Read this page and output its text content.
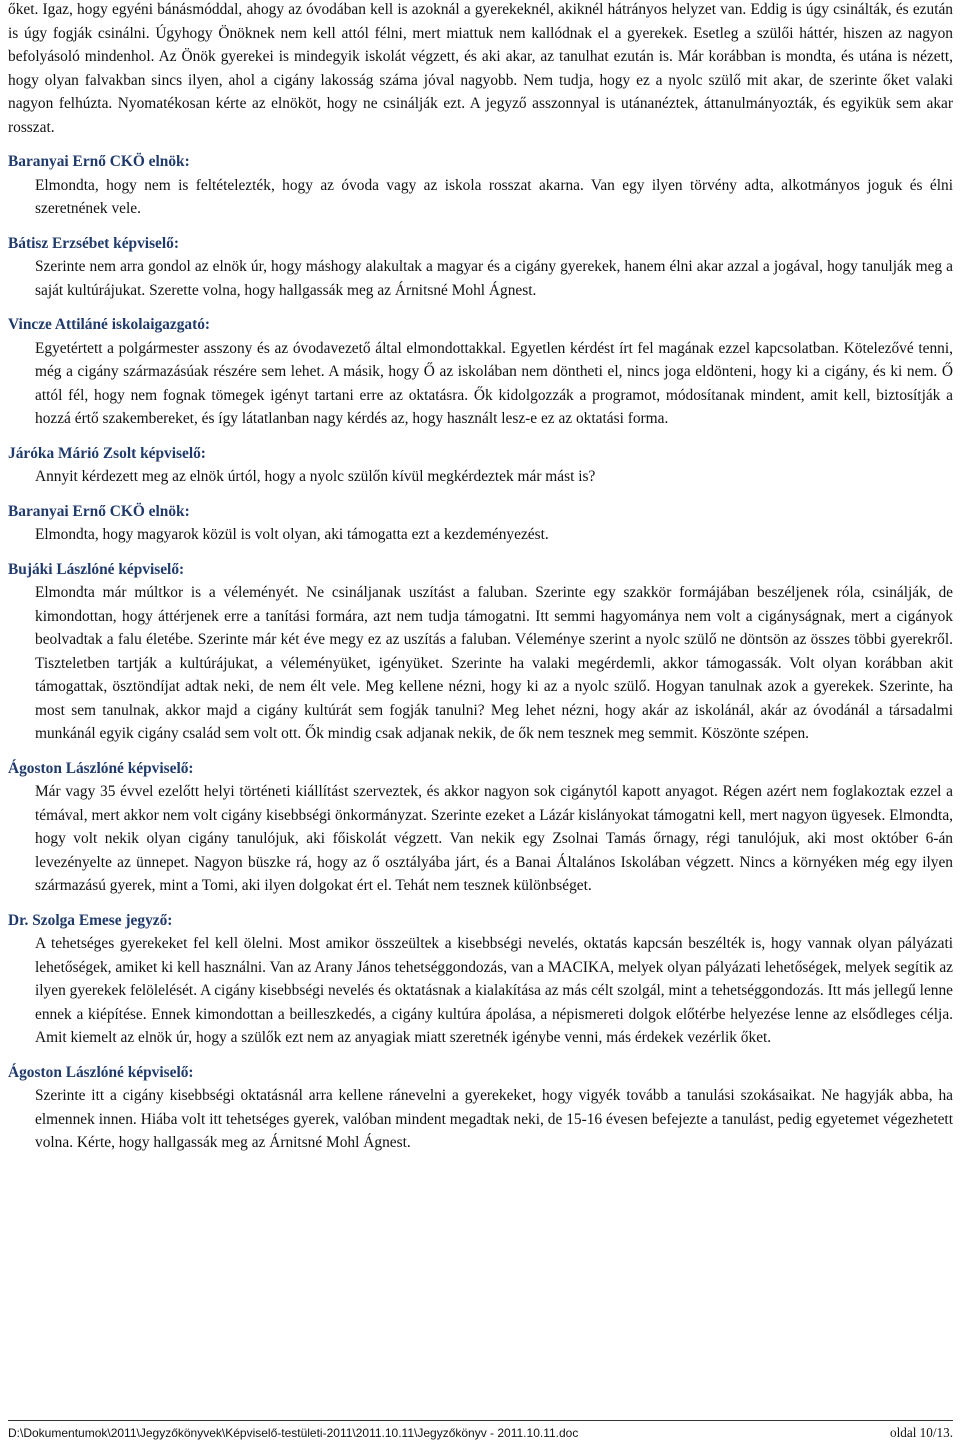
őket. Igaz, hogy egyéni bánásmóddal, ahogy az óvodában kell is azoknál a gyerekeknél, akiknél hátrányos helyzet van. Eddig is úgy csinálták, és ezután is úgy fogják csinálni. Úgyhogy Önöknek nem kell attól félni, mert miattuk nem kallódnak el a gyerekek. Esetleg a szülői háttér, hiszen az nagyon befolyásoló mindenhol. Az Önök gyerekei is mindegyik iskolát végzett, és aki akar, az tanulhat ezután is. Már korábban is mondta, és utána is nézett, hogy olyan falvakban sincs ilyen, ahol a cigány lakosság száma jóval nagyobb. Nem tudja, hogy ez a nyolc szülő mit akar, de szerinte őket valaki nagyon felhúzta. Nyomatékosan kérte az elnököt, hogy ne csinálják ezt. A jegyző asszonnyal is utánanéztek, áttanulmányozták, és egyikük sem akar rosszat.

Baranyai Ernő CKÖ elnök:

Elmondta, hogy nem is feltételezték, hogy az óvoda vagy az iskola rosszat akarna. Van egy ilyen törvény adta, alkotmányos joguk és élni szeretnének vele.

Bátisz Erzsébet képviselő:

Szerinte nem arra gondol az elnök úr, hogy máshogy alakultak a magyar és a cigány gyerekek, hanem élni akar azzal a jogával, hogy tanulják meg a saját kultúrájukat. Szerette volna, hogy hallgassák meg az Árnitsné Mohl Ágnest.

Vincze Attiláné iskolaigazgató:

Egyetértett a polgármester asszony és az óvodavezető által elmondottakkal. Egyetlen kérdést írt fel magának ezzel kapcsolatban. Kötelezővé tenni, még a cigány származásúak részére sem lehet. A másik, hogy Ő az iskolában nem döntheti el, nincs joga eldönteni, hogy ki a cigány, és ki nem. Ő attól fél, hogy nem fognak tömegek igényt tartani erre az oktatásra. Ők kidolgozzák a programot, módosítanak mindent, amit kell, biztosítják a hozzá értő szakembereket, és így látatlanban nagy kérdés az, hogy használt lesz-e ez az oktatási forma.

Járóka Márió Zsolt képviselő:

Annyit kérdezett meg az elnök úrtól, hogy a nyolc szülőn kívül megkérdeztek már mást is?

Baranyai Ernő CKÖ elnök:

Elmondta, hogy magyarok közül is volt olyan, aki támogatta ezt a kezdeményezést.

Bujáki Lászlóné képviselő:

Elmondta már múltkor is a véleményét. Ne csináljanak uszítást a faluban. Szerinte egy szakkör formájában beszéljenek róla, csinálják, de kimondottan, hogy áttérjenek erre a tanítási formára, azt nem tudja támogatni. Itt semmi hagyománya nem volt a cigányságnak, mert a cigányok beolvadtak a falu életébe. Szerinte már két éve megy ez az uszítás a faluban. Véleménye szerint a nyolc szülő ne döntsön az összes többi gyerekről. Tiszteletben tartják a kultúrájukat, a véleményüket, igényüket. Szerinte ha valaki megérdemli, akkor támogassák. Volt olyan korábban akit támogattak, ösztöndíjat adtak neki, de nem élt vele. Meg kellene nézni, hogy ki az a nyolc szülő. Hogyan tanulnak azok a gyerekek. Szerinte, ha most sem tanulnak, akkor majd a cigány kultúrát sem fogják tanulni? Meg lehet nézni, hogy akár az iskolánál, akár az óvodánál a társadalmi munkánál egyik cigány család sem volt ott. Ők mindig csak adjanak nekik, de ők nem tesznek meg semmit. Köszönte szépen.

Ágoston Lászlóné képviselő:

Már vagy 35 évvel ezelőtt helyi történeti kiállítást szerveztek, és akkor nagyon sok cigánytól kapott anyagot. Régen azért nem foglakoztak ezzel a témával, mert akkor nem volt cigány kisebbségi önkormányzat. Szerinte ezeket a Lázár kislányokat támogatni kell, mert nagyon ügyesek. Elmondta, hogy volt nekik olyan cigány tanulójuk, aki főiskolát végzett. Van nekik egy Zsolnai Tamás őrnagy, régi tanulójuk, aki most október 6-án levezényelte az ünnepet. Nagyon büszke rá, hogy az ő osztályába járt, és a Banai Általános Iskolában végzett. Nincs a környéken még egy ilyen származású gyerek, mint a Tomi, aki ilyen dolgokat ért el. Tehát nem tesznek különbséget.

Dr. Szolga Emese jegyző:

A tehetséges gyerekeket fel kell ölelni. Most amikor összeültek a kisebbségi nevelés, oktatás kapcsán beszélték is, hogy vannak olyan pályázati lehetőségek, amiket ki kell használni. Van az Arany János tehetséggondozás, van a MACIKA, melyek olyan pályázati lehetőségek, melyek segítik az ilyen gyerekek felölelését. A cigány kisebbségi nevelés és oktatásnak a kialakítása az más célt szolgál, mint a tehetséggondozás. Itt más jellegű lenne ennek a kiépítése. Ennek kimondottan a beilleszkedés, a cigány kultúra ápolása, a népismereti dolgok előtérbe helyezése lenne az elsődleges célja. Amit kiemelt az elnök úr, hogy a szülők ezt nem az anyagiak miatt szeretnék igénybe venni, más érdekek vezérlik őket.

Ágoston Lászlóné képviselő:

Szerinte itt a cigány kisebbségi oktatásnál arra kellene ránevelni a gyerekeket, hogy vigyék tovább a tanulási szokásaikat. Ne hagyják abba, ha elmennek innen. Hiába volt itt tehetséges gyerek, valóban mindent megadtak neki, de 15-16 évesen befejezte a tanulást, pedig egyetemet végezhetett volna. Kérte, hogy hallgassák meg az Árnitsné Mohl Ágnest.

D:\Dokumentumok\2011\Jegyzőkönyvek\Képviselő-testületi-2011\2011.10.11\Jegyzőkönyv - 2011.10.11.doc	oldal 10/13.
